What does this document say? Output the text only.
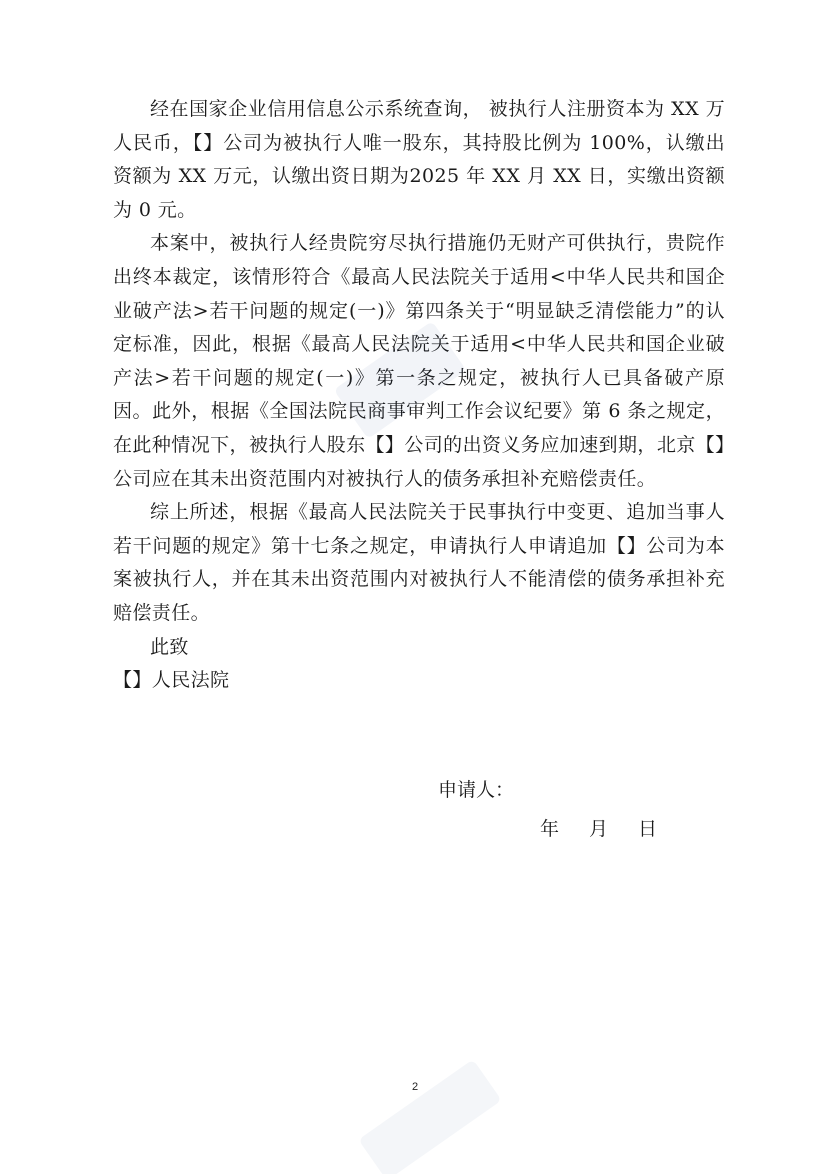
经在国家企业信用信息公示系统查询， 被执行人注册资本为 XX 万人民币，【】公司为被执行人唯一股东，其持股比例为 100%，认缴出资额为 XX 万元，认缴出资日期为2025 年 XX 月 XX 日，实缴出资额为 0 元。

本案中，被执行人经贵院穷尽执行措施仍无财产可供执行，贵院作出终本裁定，该情形符合《最高人民法院关于适用<中华人民共和国企业破产法>若干问题的规定(一)》第四条关于“明显缺乏清偿能力”的认定标准，因此，根据《最高人民法院关于适用<中华人民共和国企业破产法>若干问题的规定(一)》第一条之规定，被执行人已具备破产原因。此外，根据《全国法院民商事审判工作会议纪要》第 6 条之规定，在此种情况下，被执行人股东【】公司的出资义务应加速到期，北京【】公司应在其未出资范围内对被执行人的债务承担补充赔偿责任。

综上所述，根据《最高人民法院关于民事执行中变更、追加当事人若干问题的规定》第十七条之规定，申请执行人申请追加【】公司为本案被执行人，并在其未出资范围内对被执行人不能清偿的债务承担补充赔偿责任。

此致

【】人民法院

申请人：
年 月 日
2
